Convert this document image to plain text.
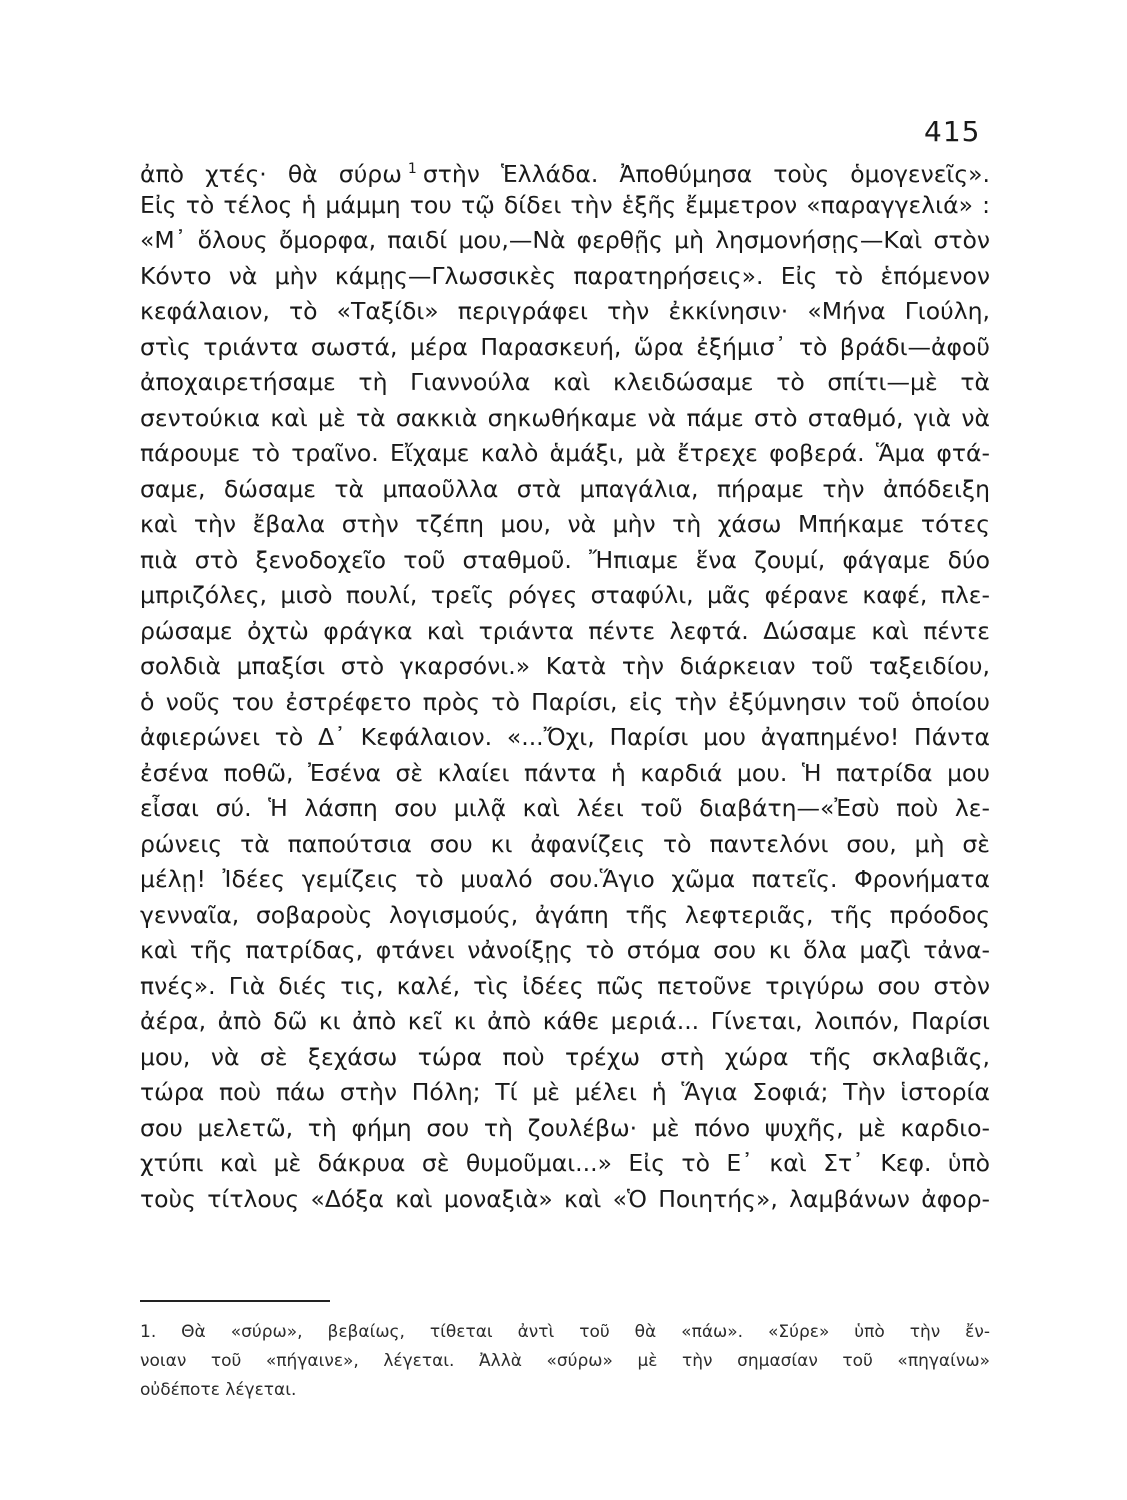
415
ἀπὸ χτές· θὰ σύρω $^1$ στὴν Ἑλλάδα. Ἀποθύμησα τοὺς ὁμογενεῖς».
Εἰς τὸ τέλος ἡ μάμμη του τῷ δίδει τὴν ἑξῆς ἔμμετρον «παραγγελιά» :
«Μ᾿ ὅλους ὄμορφα, παιδί μου,—Νὰ φερθῇς μὴ λησμονήσῃς—Καὶ στὸν
Κόντο νὰ μὴν κάμῃς—Γλωσσικὲς παρατηρήσεις». Εἰς τὸ ἑπόμενον
κεφάλαιον, τὸ «Ταξίδι» περιγράφει τὴν ἐκκίνησιν· «Μήνα Γιούλη,
στὶς τριάντα σωστά, μέρα Παρασκευή, ὥρα ἐξήμισ᾿ τὸ βράδι—ἀφοῦ
ἀποχαιρετήσαμε τὴ Γιαννούλα καὶ κλειδώσαμε τὸ σπίτι—μὲ τὰ
σεντούκια καὶ μὲ τὰ σακκιὰ σηκωθήκαμε νὰ πάμε στὸ σταθμό, γιὰ νὰ
πάρουμε τὸ τραῖνο. Εἴχαμε καλὸ ἁμάξι, μὰ ἔτρεχε φοβερά. Ἅμα φτά-
σαμε, δώσαμε τὰ μπαοῦλλα στὰ μπαγάλια, πήραμε τὴν ἀπόδειξη
καὶ τὴν ἔβαλα στὴν τζέπη μου, νὰ μὴν τὴ χάσω Μπήκαμε τότες
πιὰ στὸ ξενοδοχεῖο τοῦ σταθμοῦ. Ἤπιαμε ἕνα ζουμί, φάγαμε δύο
μπριζόλες, μισὸ πουλί, τρεῖς ρόγες σταφύλι, μᾶς φέρανε καφέ, πλε-
ρώσαμε ὀχτὼ φράγκα καὶ τριάντα πέντε λεφτά. Δώσαμε καὶ πέντε
σολδιὰ μπαξίσι στὸ γκαρσόνι.» Κατὰ τὴν διάρκειαν τοῦ ταξειδίου,
ὁ νοῦς του ἐστρέφετο πρὸς τὸ Παρίσι, εἰς τὴν ἐξύμνησιν τοῦ ὁποίου
ἀφιερώνει τὸ Δ᾿ Κεφάλαιον. «...Ὄχι, Παρίσι μου ἀγαπημένο! Πάντα
ἐσένα ποθῶ, Ἐσένα σὲ κλαίει πάντα ἡ καρδιά μου. Ἡ πατρίδα μου
εἶσαι σύ. Ἡ λάσπη σου μιλᾷ καὶ λέει τοῦ διαβάτη—«Ἐσὺ ποὺ λε-
ρώνεις τὰ παπούτσια σου κι ἀφανίζεις τὸ παντελόνι σου, μὴ σὲ
μέλῃ! Ἰδέες γεμίζεις τὸ μυαλό σου.Ἅγιο χῶμα πατεῖς. Φρονήματα
γενναῖα, σοβαροὺς λογισμούς, ἀγάπη τῆς λεφτεριᾶς, τῆς πρόοδος
καὶ τῆς πατρίδας, φτάνει νἀνοίξῃς τὸ στόμα σου κι ὅλα μαζὶ τἀνα-
πνές». Γιὰ διές τις, καλέ, τὶς ἰδέες πῶς πετοῦνε τριγύρω σου στὸν
ἀέρα, ἀπὸ δῶ κι ἀπὸ κεῖ κι ἀπὸ κάθε μεριά... Γίνεται, λοιπόν, Παρίσι
μου, νὰ σὲ ξεχάσω τώρα ποὺ τρέχω στὴ χώρα τῆς σκλαβιᾶς,
τώρα ποὺ πάω στὴν Πόλη; Τί μὲ μέλει ἡ Ἅγια Σοφιά; Τὴν ἱστορία
σου μελετῶ, τὴ φήμη σου τὴ ζουλέβω· μὲ πόνο ψυχῆς, μὲ καρδιο-
χτύπι καὶ μὲ δάκρυα σὲ θυμοῦμαι...» Εἰς τὸ Ε᾿ καὶ Στ᾿ Κεφ. ὑπὸ
τοὺς τίτλους «Δόξα καὶ μοναξιὰ» καὶ «Ὁ Ποιητής», λαμβάνων ἀφορ-
1. Θὰ «σύρω», βεβαίως, τίθεται ἀντὶ τοῦ θὰ «πάω». «Σύρε» ὑπὸ τὴν ἔν-
νοιαν τοῦ «πήγαινε», λέγεται. Ἀλλὰ «σύρω» μὲ τὴν σημασίαν τοῦ «πηγαίνω»
οὐδέποτε λέγεται.
